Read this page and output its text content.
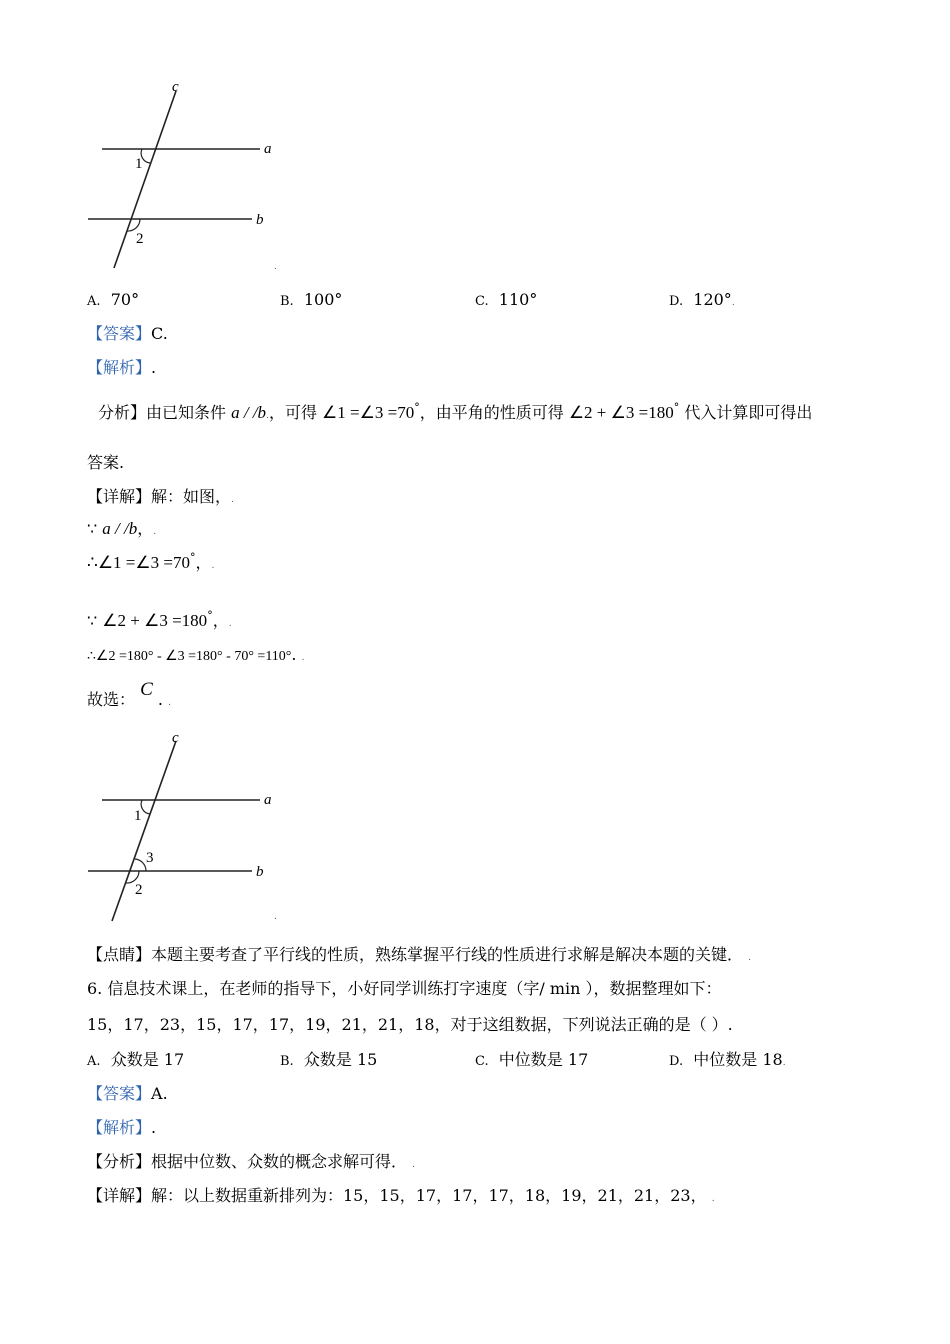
c
a
b
1
2
.
A. 70°	B. 100°	C. 110°	D. 120°.
【答案】C.
【解析】.
分析】由已知条件 a / /b.，可得 ∠1 =∠3 =70°，由平角的性质可得 ∠2 + ∠3 =180° 代入计算即可得出
答案.
【详解】解：如图，.
∵ a / /b，.
∴∠1 =∠3 =70°，.
∵ ∠2 + ∠3 =180°，.
∴∠2 =180° - ∠3 =180° - 70° =110°. .
故选： C . .
c
a
b
1
3
2
.
【点睛】本题主要考查了平行线的性质，熟练掌握平行线的性质进行求解是解决本题的关键． .
6. 信息技术课上，在老师的指导下，小好同学训练打字速度（字/ min ），数据整理如下：
15，17，23，15，17，17，19，21，21，18，对于这组数据，下列说法正确的是（ ）.
A. 众数是 17	B. 众数是 15	C. 中位数是 17	D. 中位数是 18.
【答案】A.
【解析】.
【分析】根据中位数、众数的概念求解可得． .
【详解】解：以上数据重新排列为：15，15，17，17，17，18，19，21，21，23， .
